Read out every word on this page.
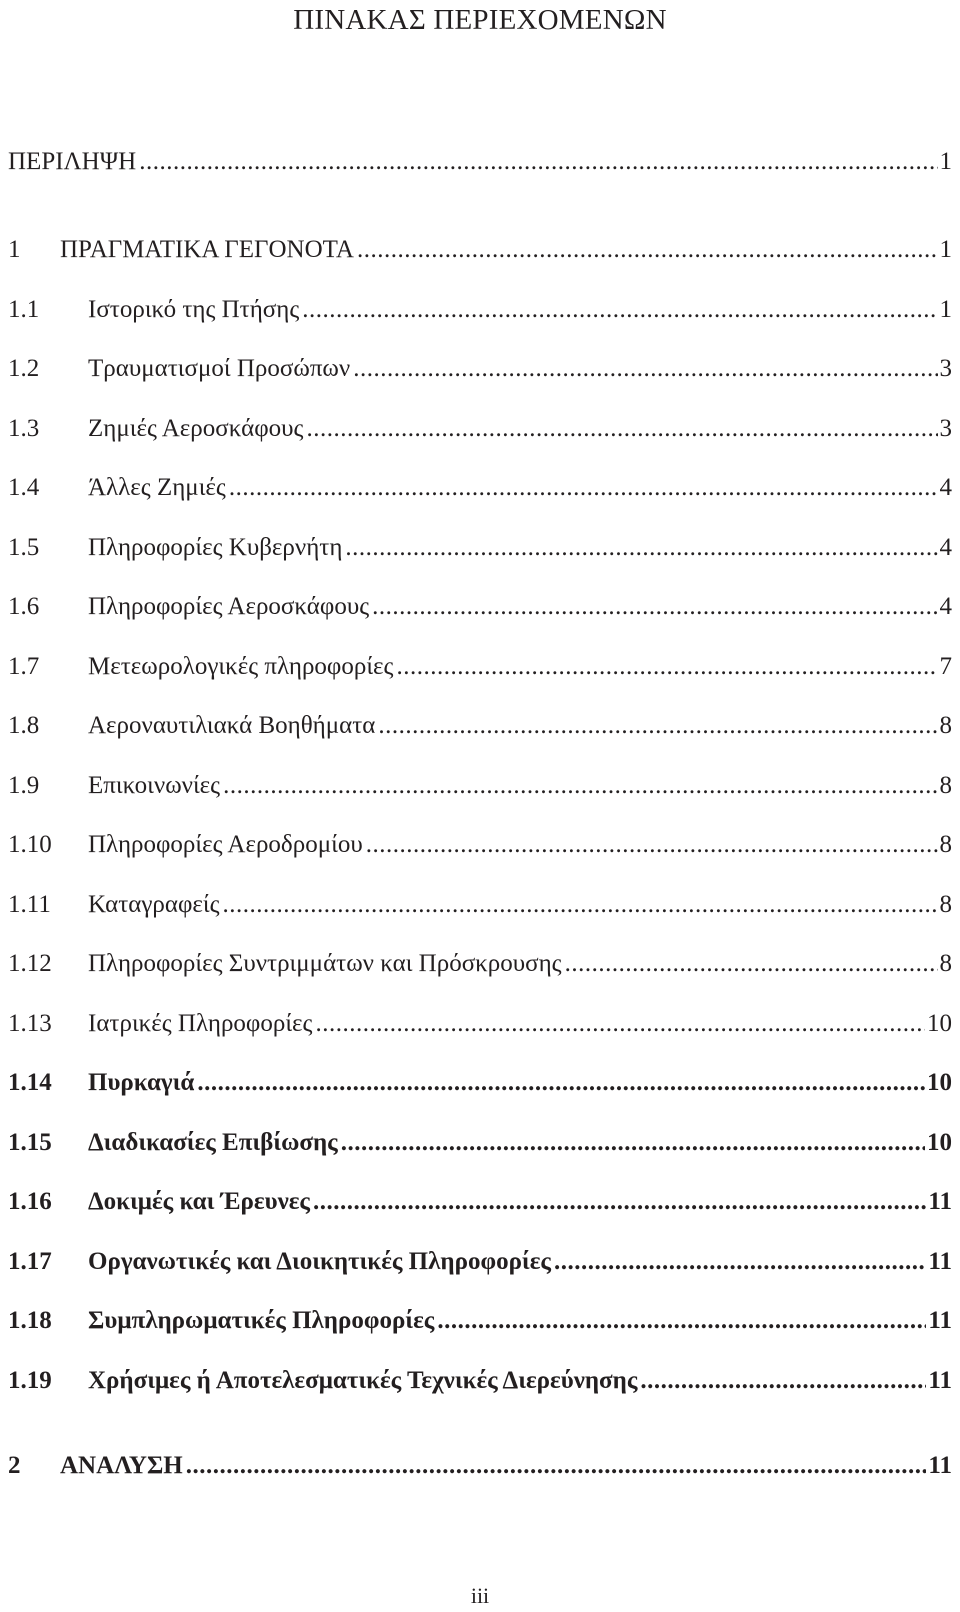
ΠΙΝΑΚΑΣ ΠΕΡΙΕΧΟΜΕΝΩΝ
ΠΕΡΙΛΗΨΗ .....	1
1	ΠΡΑΓΜΑΤΙΚΑ ΓΕΓΟΝΟΤΑ .....	1
1.1	Ιστορικό της Πτήσης .....	1
1.2	Τραυματισμοί Προσώπων .....	3
1.3	Ζημιές Αεροσκάφους .....	3
1.4	Άλλες Ζημιές .....	4
1.5	Πληροφορίες Κυβερνήτη .....	4
1.6	Πληροφορίες Αεροσκάφους .....	4
1.7	Μετεωρολογικές πληροφορίες .....	7
1.8	Αεροναυτιλιακά Βοηθήματα .....	8
1.9	Επικοινωνίες .....	8
1.10	Πληροφορίες Αεροδρομίου .....	8
1.11	Καταγραφείς .....	8
1.12	Πληροφορίες Συντριμμάτων και Πρόσκρουσης .....	8
1.13	Ιατρικές Πληροφορίες .....	10
1.14	Πυρκαγιά .....	10
1.15	Διαδικασίες Επιβίωσης .....	10
1.16	Δοκιμές και Έρευνες .....	11
1.17	Οργανωτικές και Διοικητικές Πληροφορίες .....	11
1.18	Συμπληρωματικές Πληροφορίες .....	11
1.19	Χρήσιμες ή Αποτελεσματικές Τεχνικές Διερεύνησης .....	11
2	ΑΝΑΛΥΣΗ .....	11
iii
